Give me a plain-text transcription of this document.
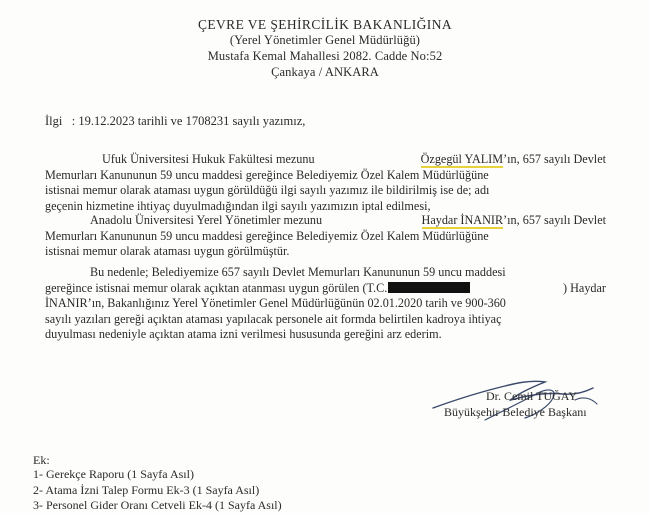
ÇEVRE VE ŞEHİRCİLİK BAKANLIĞINA
(Yerel Yönetimler Genel Müdürlüğü)
Mustafa Kemal Mahallesi 2082. Cadde No:52
Çankaya / ANKARA
İlgi : 19.12.2023 tarihli ve 1708231 sayılı yazımız,
Ufuk Üniversitesi Hukuk Fakültesi mezunu	Özgegül YALIM’ın, 657 sayılı Devlet
Memurları Kanununun 59 uncu maddesi gereğince Belediyemiz Özel Kalem Müdürlüğüne
istisnai memur olarak ataması uygun görüldüğü ilgi sayılı yazımız ile bildirilmiş ise de; adı
geçenin hizmetine ihtiyaç duyulmadığından ilgi sayılı yazımızın iptal edilmesi,
Anadolu Üniversitesi Yerel Yönetimler mezunu	Haydar İNANIR’ın, 657 sayılı Devlet
Memurları Kanununun 59 uncu maddesi gereğince Belediyemiz Özel Kalem Müdürlüğüne
istisnai memur olarak ataması uygun görülmüştür.
Bu nedenle; Belediyemize 657 sayılı Devlet Memurları Kanununun 59 uncu maddesi
gereğince istisnai memur olarak açıktan atanması uygun görülen (T.C.	) Haydar
İNANIR’ın, Bakanlığınız Yerel Yönetimler Genel Müdürlüğünün 02.01.2020 tarih ve 900-360
sayılı yazıları gereği açıktan ataması yapılacak personele ait formda belirtilen kadroya ihtiyaç
duyulması nedeniyle açıktan atama izni verilmesi hususunda gereğini arz ederim.
Dr. Cemil TUĞAY
Büyükşehir Belediye Başkanı
Ek:
1- Gerekçe Raporu (1 Sayfa Asıl)
2- Atama İzni Talep Formu Ek-3 (1 Sayfa Asıl)
3- Personel Gider Oranı Cetveli Ek-4 (1 Sayfa Asıl)
